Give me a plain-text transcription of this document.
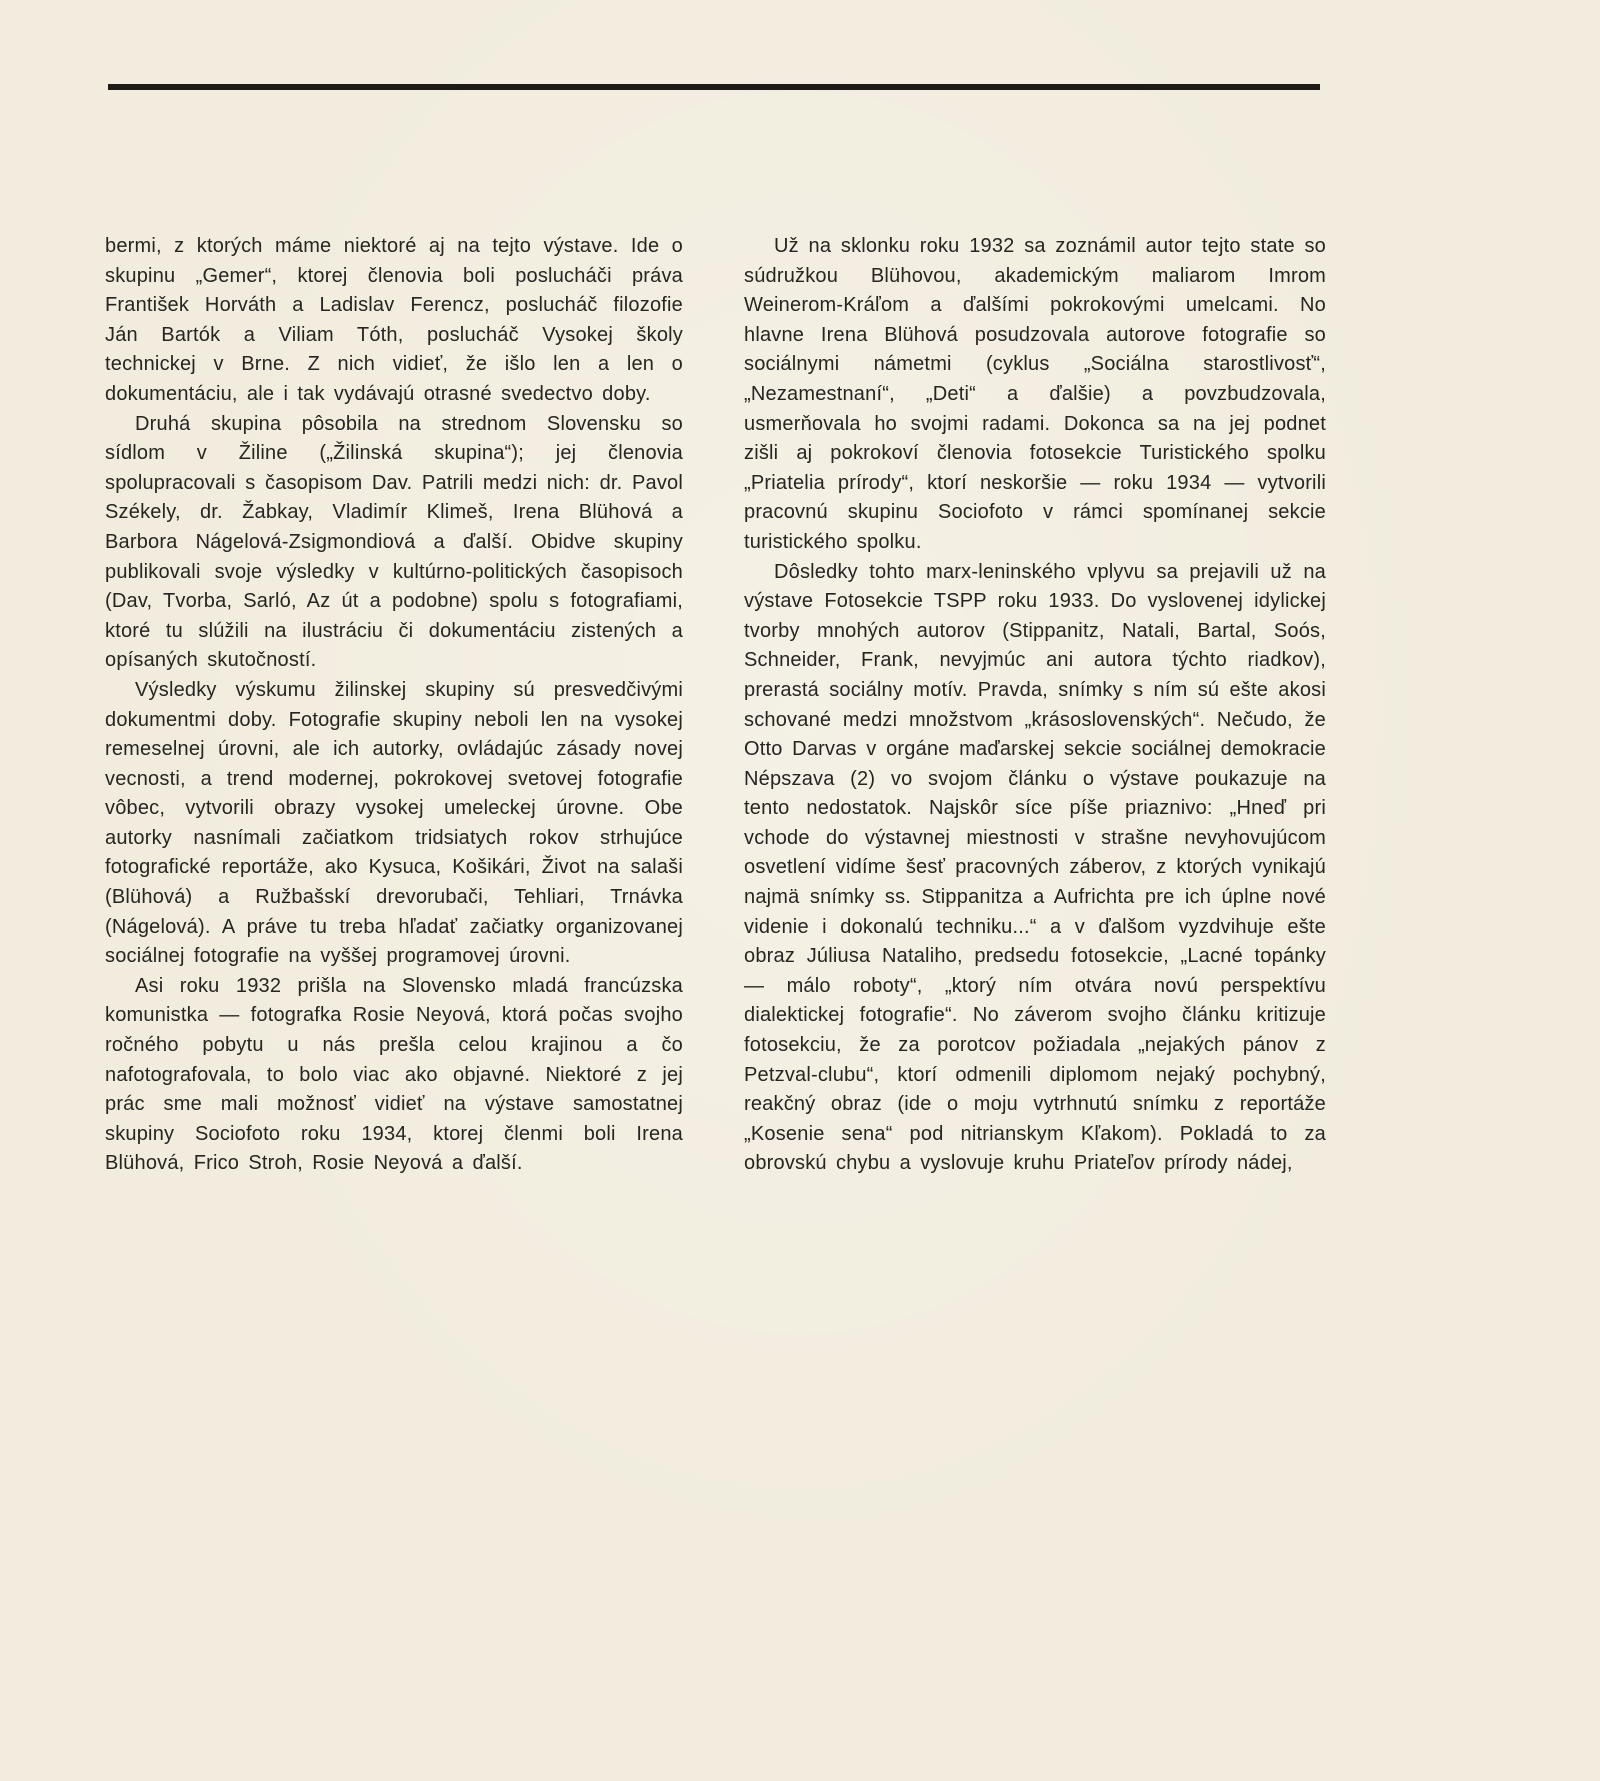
bermi, z ktorých máme niektoré aj na tejto výstave. Ide o skupinu „Gemer“, ktorej členovia boli poslucháči práva František Horváth a Ladislav Ferencz, poslucháč filozofie Ján Bartók a Viliam Tóth, poslucháč Vysokej školy technickej v Brne. Z nich vidieť, že išlo len a len o dokumentáciu, ale i tak vydávajú otrasné svedectvo doby.

Druhá skupina pôsobila na strednom Slovensku so sídlom v Žiline („Žilinská skupina“); jej členovia spolupracovali s časopisom Dav. Patrili medzi nich: dr. Pavol Székely, dr. Žabkay, Vladimír Klimeš, Irena Blühová a Barbora Nágelová-Zsigmondiová a ďalší. Obidve skupiny publikovali svoje výsledky v kultúrno-politických časopisoch (Dav, Tvorba, Sarló, Az út a podobne) spolu s fotografiami, ktoré tu slúžili na ilustráciu či dokumentáciu zistených a opísaných skutočností.

Výsledky výskumu žilinskej skupiny sú presvedčivými dokumentmi doby. Fotografie skupiny neboli len na vysokej remeselnej úrovni, ale ich autorky, ovládajúc zásady novej vecnosti, a trend modernej, pokrokovej svetovej fotografie vôbec, vytvorili obrazy vysokej umeleckej úrovne. Obe autorky nasnímali začiatkom tridsiatych rokov strhujúce fotografické reportáže, ako Kysuca, Košikári, Život na salaši (Blühová) a Ružbašskí drevorubači, Tehliari, Trnávka (Nágelová). A práve tu treba hľadať začiatky organizovanej sociálnej fotografie na vyššej programovej úrovni.

Asi roku 1932 prišla na Slovensko mladá francúzska komunistka — fotografka Rosie Neyová, ktorá počas svojho ročného pobytu u nás prešla celou krajinou a čo nafotografovala, to bolo viac ako objavné. Niektoré z jej prác sme mali možnosť vidieť na výstave samostatnej skupiny Sociofoto roku 1934, ktorej členmi boli Irena Blühová, Frico Stroh, Rosie Neyová a ďalší.

Už na sklonku roku 1932 sa zoznámil autor tejto state so súdružkou Blühovou, akademickým maliarom Imrom Weinerom-Kráľom a ďalšími pokrokovými umelcami. No hlavne Irena Blühová posudzovala autorove fotografie so sociálnymi námetmi (cyklus „Sociálna starostlivosť“, „Nezamestnaní“, „Deti“ a ďalšie) a povzbudzovala, usmerňovala ho svojmi radami. Dokonca sa na jej podnet zišli aj pokrokoví členovia fotosekcie Turistického spolku „Priatelia prírody“, ktorí neskoršie — roku 1934 — vytvorili pracovnú skupinu Sociofoto v rámci spomínanej sekcie turistického spolku.

Dôsledky tohto marx-leninského vplyvu sa prejavili už na výstave Fotosekcie TSPP roku 1933. Do vyslovenej idylickej tvorby mnohých autorov (Stippanitz, Natali, Bartal, Soós, Schneider, Frank, nevyjmúc ani autora týchto riadkov), prerastá sociálny motív. Pravda, snímky s ním sú ešte akosi schované medzi množstvom „krásoslovenských“. Nečudo, že Otto Darvas v orgáne maďarskej sekcie sociálnej demokracie Népszava (2) vo svojom článku o výstave poukazuje na tento nedostatok. Najskôr síce píše priaznivo: „Hneď pri vchode do výstavnej miestnosti v strašne nevyhovujúcom osvetlení vidíme šesť pracovných záberov, z ktorých vynikajú najmä snímky ss. Stippanitza a Aufrichta pre ich úplne nové videnie i dokonalú techniku...“ a v ďalšom vyzdvihuje ešte obraz Júliusa Nataliho, predsedu fotosekcie, „Lacné topánky — málo roboty“, „ktorý ním otvára novú perspektívu dialektickej fotografie“. No záverom svojho článku kritizuje fotosekciu, že za porotcov požiadala „nejakých pánov z Petzval-clubu“, ktorí odmenili diplomom nejaký pochybný, reakčný obraz (ide o moju vytrhnutú snímku z reportáže „Kosenie sena“ pod nitrianskym Kľakom). Pokladá to za obrovskú chybu a vyslovuje kruhu Priateľov prírody nádej,
